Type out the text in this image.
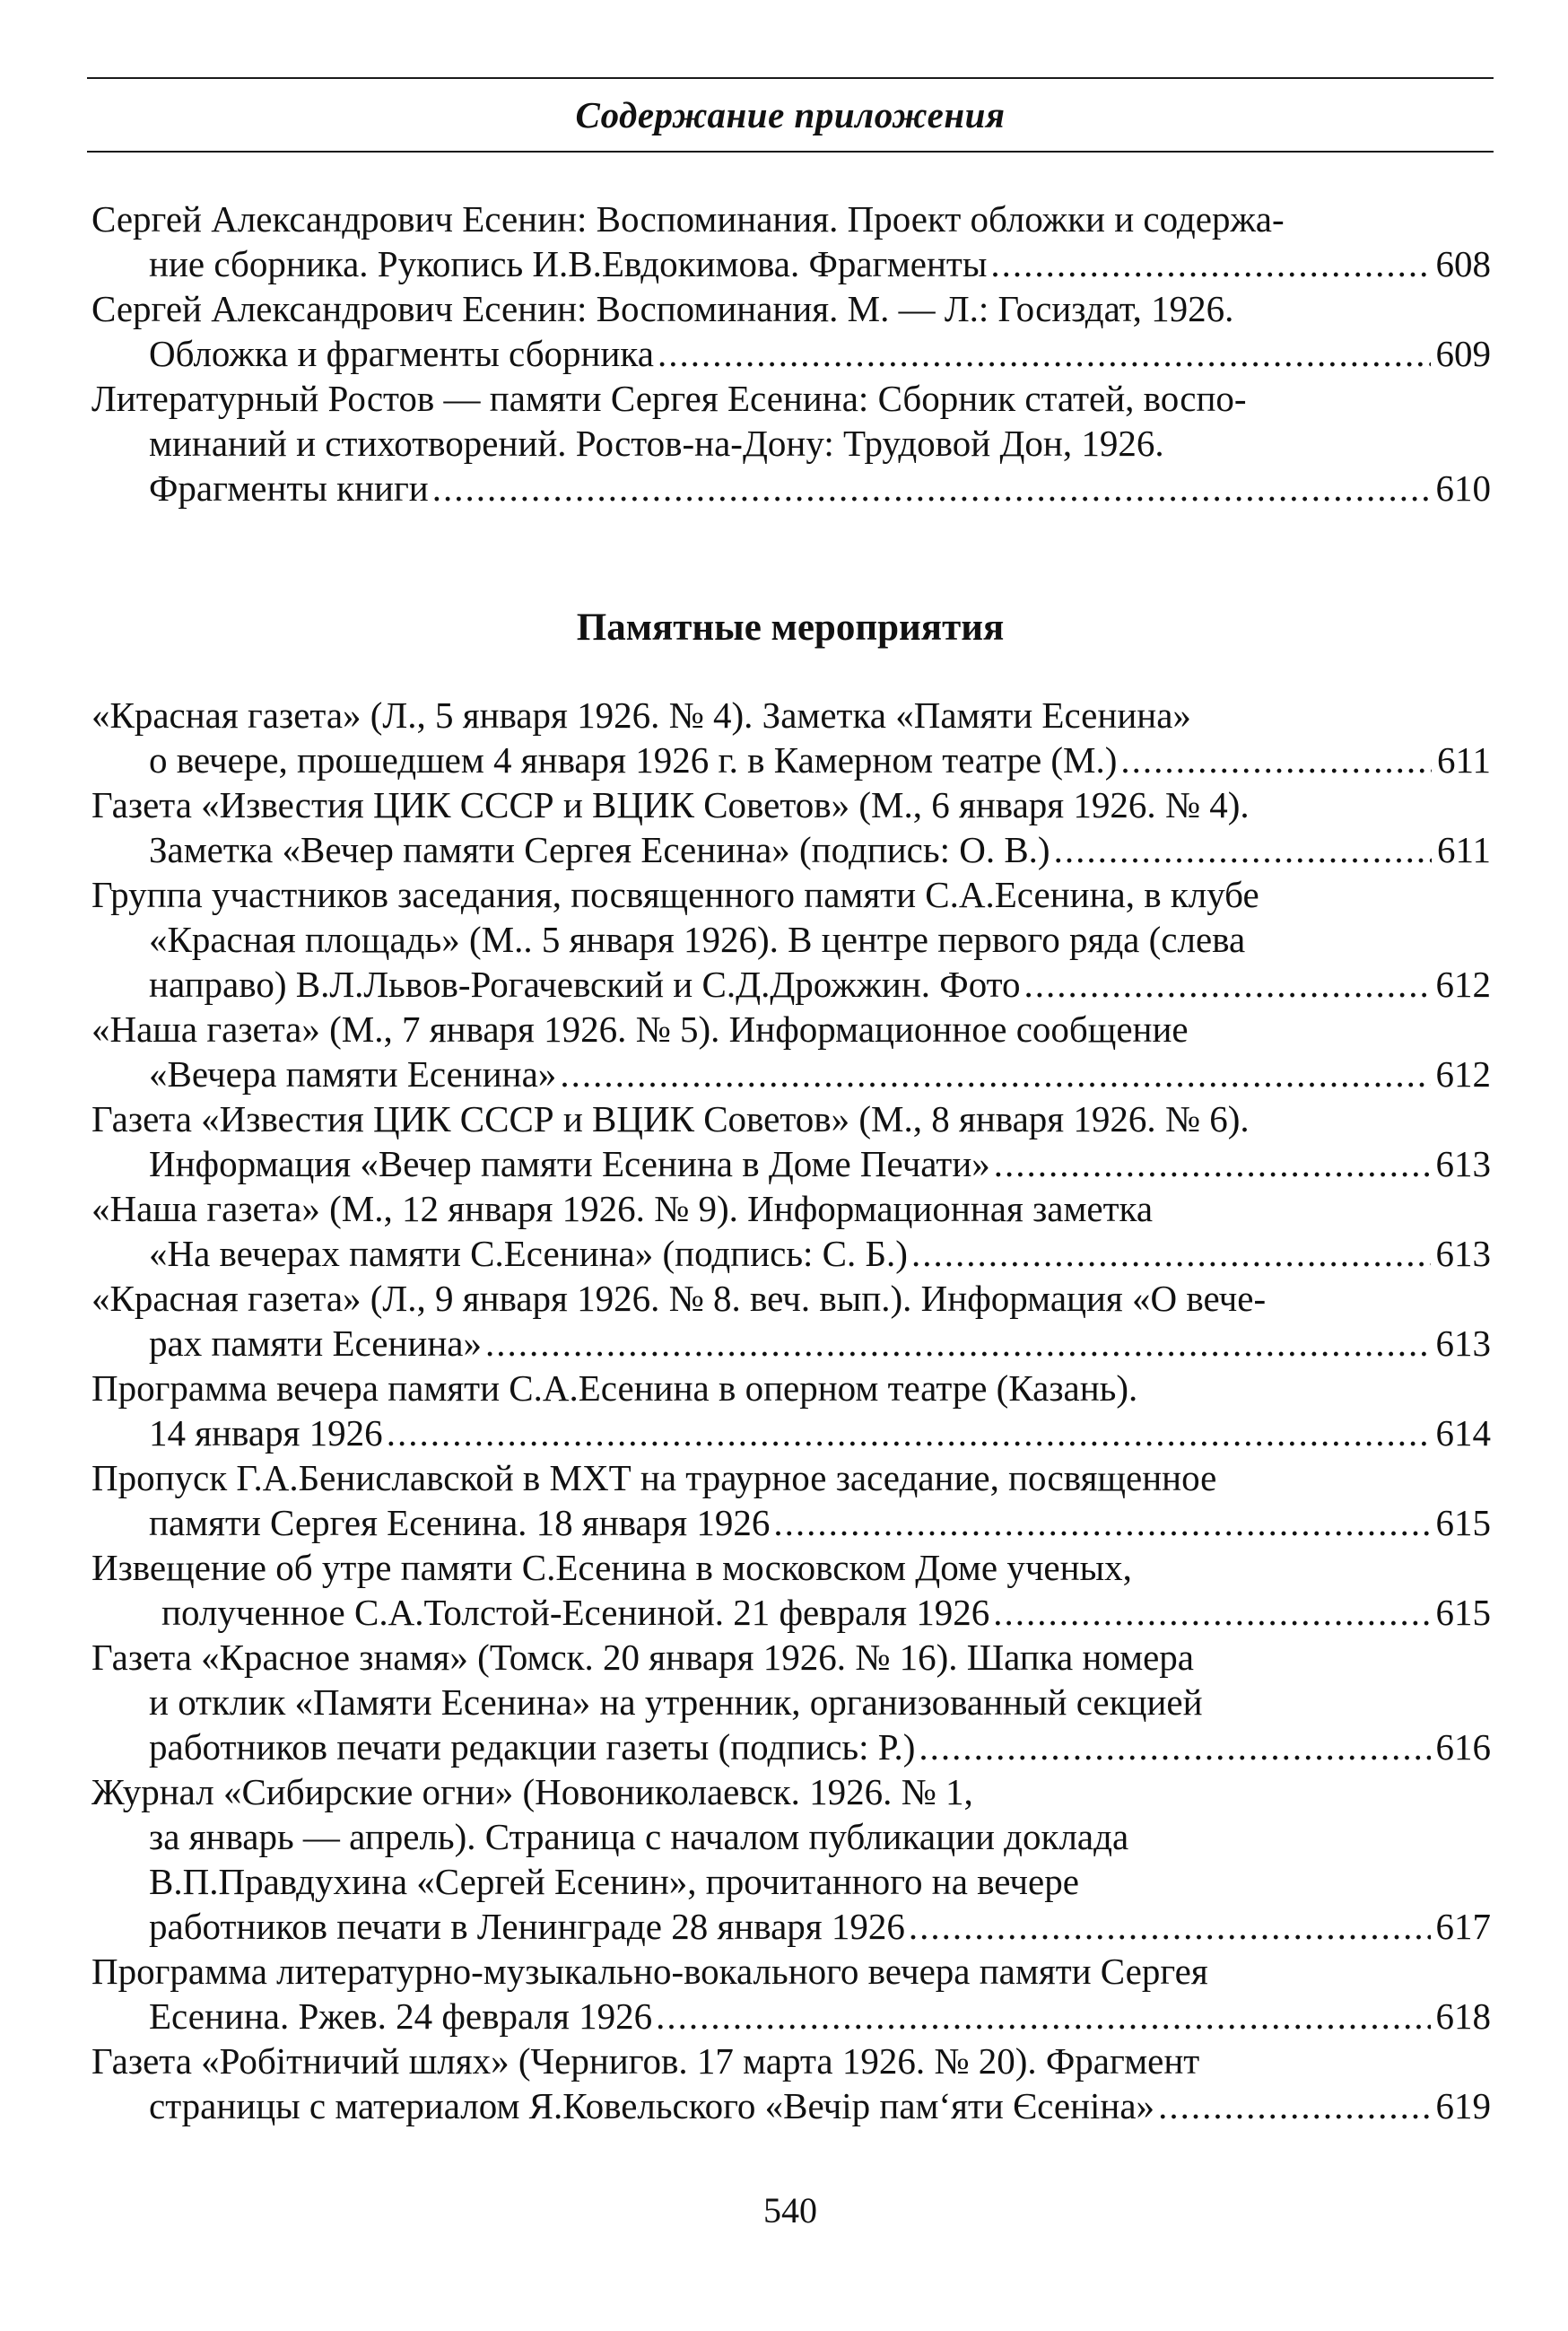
Содержание приложения
Сергей Александрович Есенин: Воспоминания. Проект обложки и содержа-
ние сборника. Рукопись И.В.Евдокимова. Фрагменты .....	608
Сергей Александрович Есенин: Воспоминания. М. — Л.: Госиздат, 1926.
Обложка и фрагменты сборника .....	609
Литературный Ростов — памяти Сергея Есенина: Сборник статей, воспо-
минаний и стихотворений. Ростов-на-Дону: Трудовой Дон, 1926.
Фрагменты книги .....	610
Памятные мероприятия
«Красная газета» (Л., 5 января 1926. № 4). Заметка «Памяти Есенина»
о вечере, прошедшем 4 января 1926 г. в Камерном театре (М.) .....	611
Газета «Известия ЦИК СССР и ВЦИК Советов» (М., 6 января 1926. № 4).
Заметка «Вечер памяти Сергея Есенина» (подпись: О. В.) .....	611
Группа участников заседания, посвященного памяти С.А.Есенина, в клубе
«Красная площадь» (М.. 5 января 1926). В центре первого ряда (слева
направо) В.Л.Львов-Рогачевский и С.Д.Дрожжин. Фото .....	612
«Наша газета» (М., 7 января 1926. № 5). Информационное сообщение
«Вечера памяти Есенина» .....	612
Газета «Известия ЦИК СССР и ВЦИК Советов» (М., 8 января 1926. № 6).
Информация «Вечер памяти Есенина в Доме Печати» .....	613
«Наша газета» (М., 12 января 1926. № 9). Информационная заметка
«На вечерах памяти С.Есенина» (подпись: С. Б.) .....	613
«Красная газета» (Л., 9 января 1926. № 8. веч. вып.). Информация «О вече-
рах памяти Есенина» .....	613
Программа вечера памяти С.А.Есенина в оперном театре (Казань).
14 января 1926 .....	614
Пропуск Г.А.Бениславской в МХТ на траурное заседание, посвященное
памяти Сергея Есенина. 18 января 1926 .....	615
Извещение об утре памяти С.Есенина в московском Доме ученых,
полученное С.А.Толстой-Есениной. 21 февраля 1926 .....	615
Газета «Красное знамя» (Томск. 20 января 1926. № 16). Шапка номера
и отклик «Памяти Есенина» на утренник, организованный секцией
работников печати редакции газеты (подпись: Р.) .....	616
Журнал «Сибирские огни» (Новониколаевск. 1926. № 1,
за январь — апрель). Страница с началом публикации доклада
В.П.Правдухина «Сергей Есенин», прочитанного на вечере
работников печати в Ленинграде 28 января 1926 .....	617
Программа литературно-музыкально-вокального вечера памяти Сергея
Есенина. Ржев. 24 февраля 1926 .....	618
Газета «Робітничий шлях» (Чернигов. 17 марта 1926. № 20). Фрагмент
страницы с материалом Я.Ковельского «Вечір пам‘яти Єсеніна» .....	619
540
